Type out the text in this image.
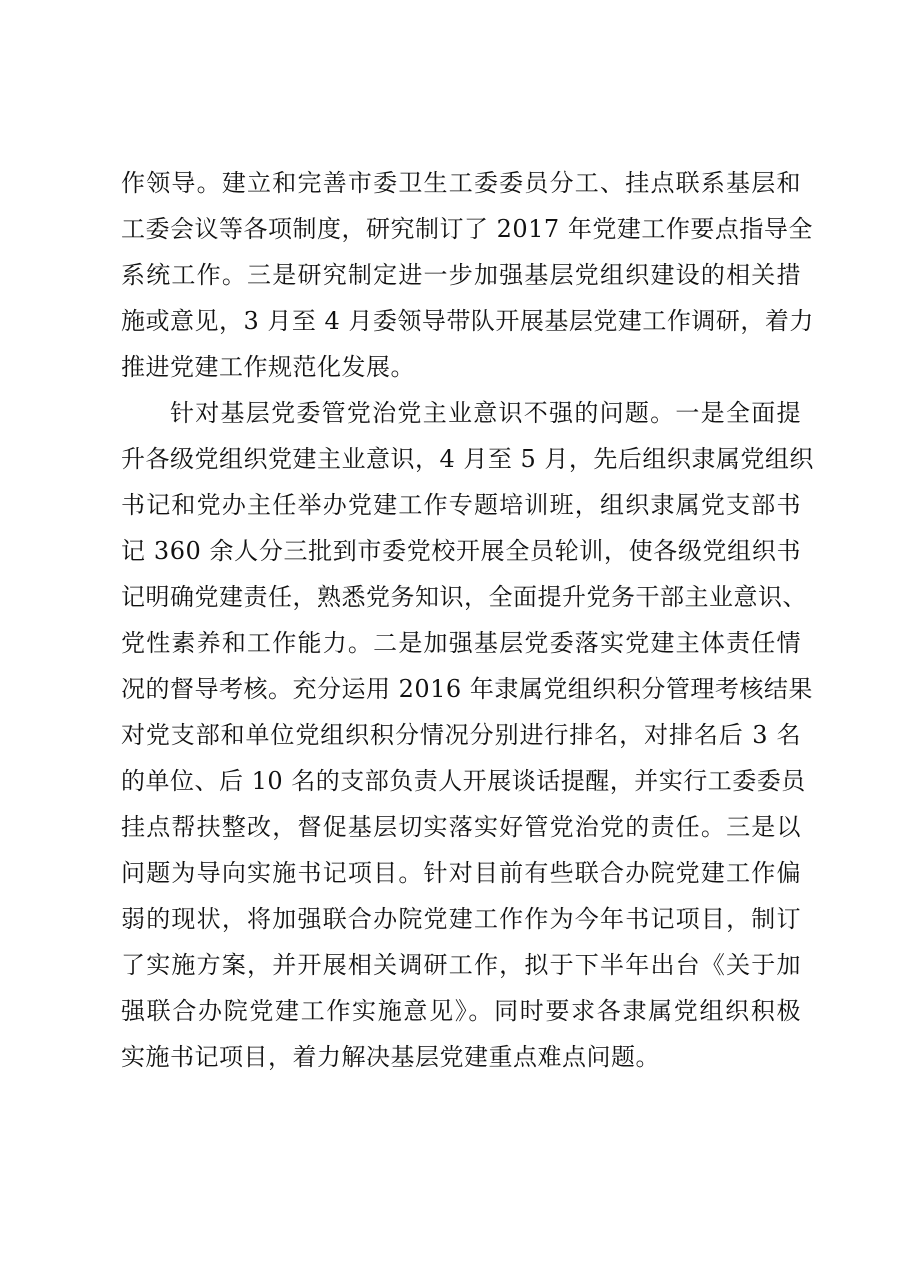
作领导。建立和完善市委卫生工委委员分工、挂点联系基层和
工委会议等各项制度，研究制订了 2017 年党建工作要点指导全
系统工作。三是研究制定进一步加强基层党组织建设的相关措
施或意见，3 月至 4 月委领导带队开展基层党建工作调研，着力
推进党建工作规范化发展。
针对基层党委管党治党主业意识不强的问题。一是全面提
升各级党组织党建主业意识，4 月至 5 月，先后组织隶属党组织
书记和党办主任举办党建工作专题培训班，组织隶属党支部书
记 360 余人分三批到市委党校开展全员轮训，使各级党组织书
记明确党建责任，熟悉党务知识，全面提升党务干部主业意识、
党性素养和工作能力。二是加强基层党委落实党建主体责任情
况的督导考核。充分运用 2016 年隶属党组织积分管理考核结果
对党支部和单位党组织积分情况分别进行排名，对排名后 3 名
的单位、后 10 名的支部负责人开展谈话提醒，并实行工委委员
挂点帮扶整改，督促基层切实落实好管党治党的责任。三是以
问题为导向实施书记项目。针对目前有些联合办院党建工作偏
弱的现状，将加强联合办院党建工作作为今年书记项目，制订
了实施方案，并开展相关调研工作，拟于下半年出台《关于加
强联合办院党建工作实施意见》。同时要求各隶属党组织积极
实施书记项目，着力解决基层党建重点难点问题。
